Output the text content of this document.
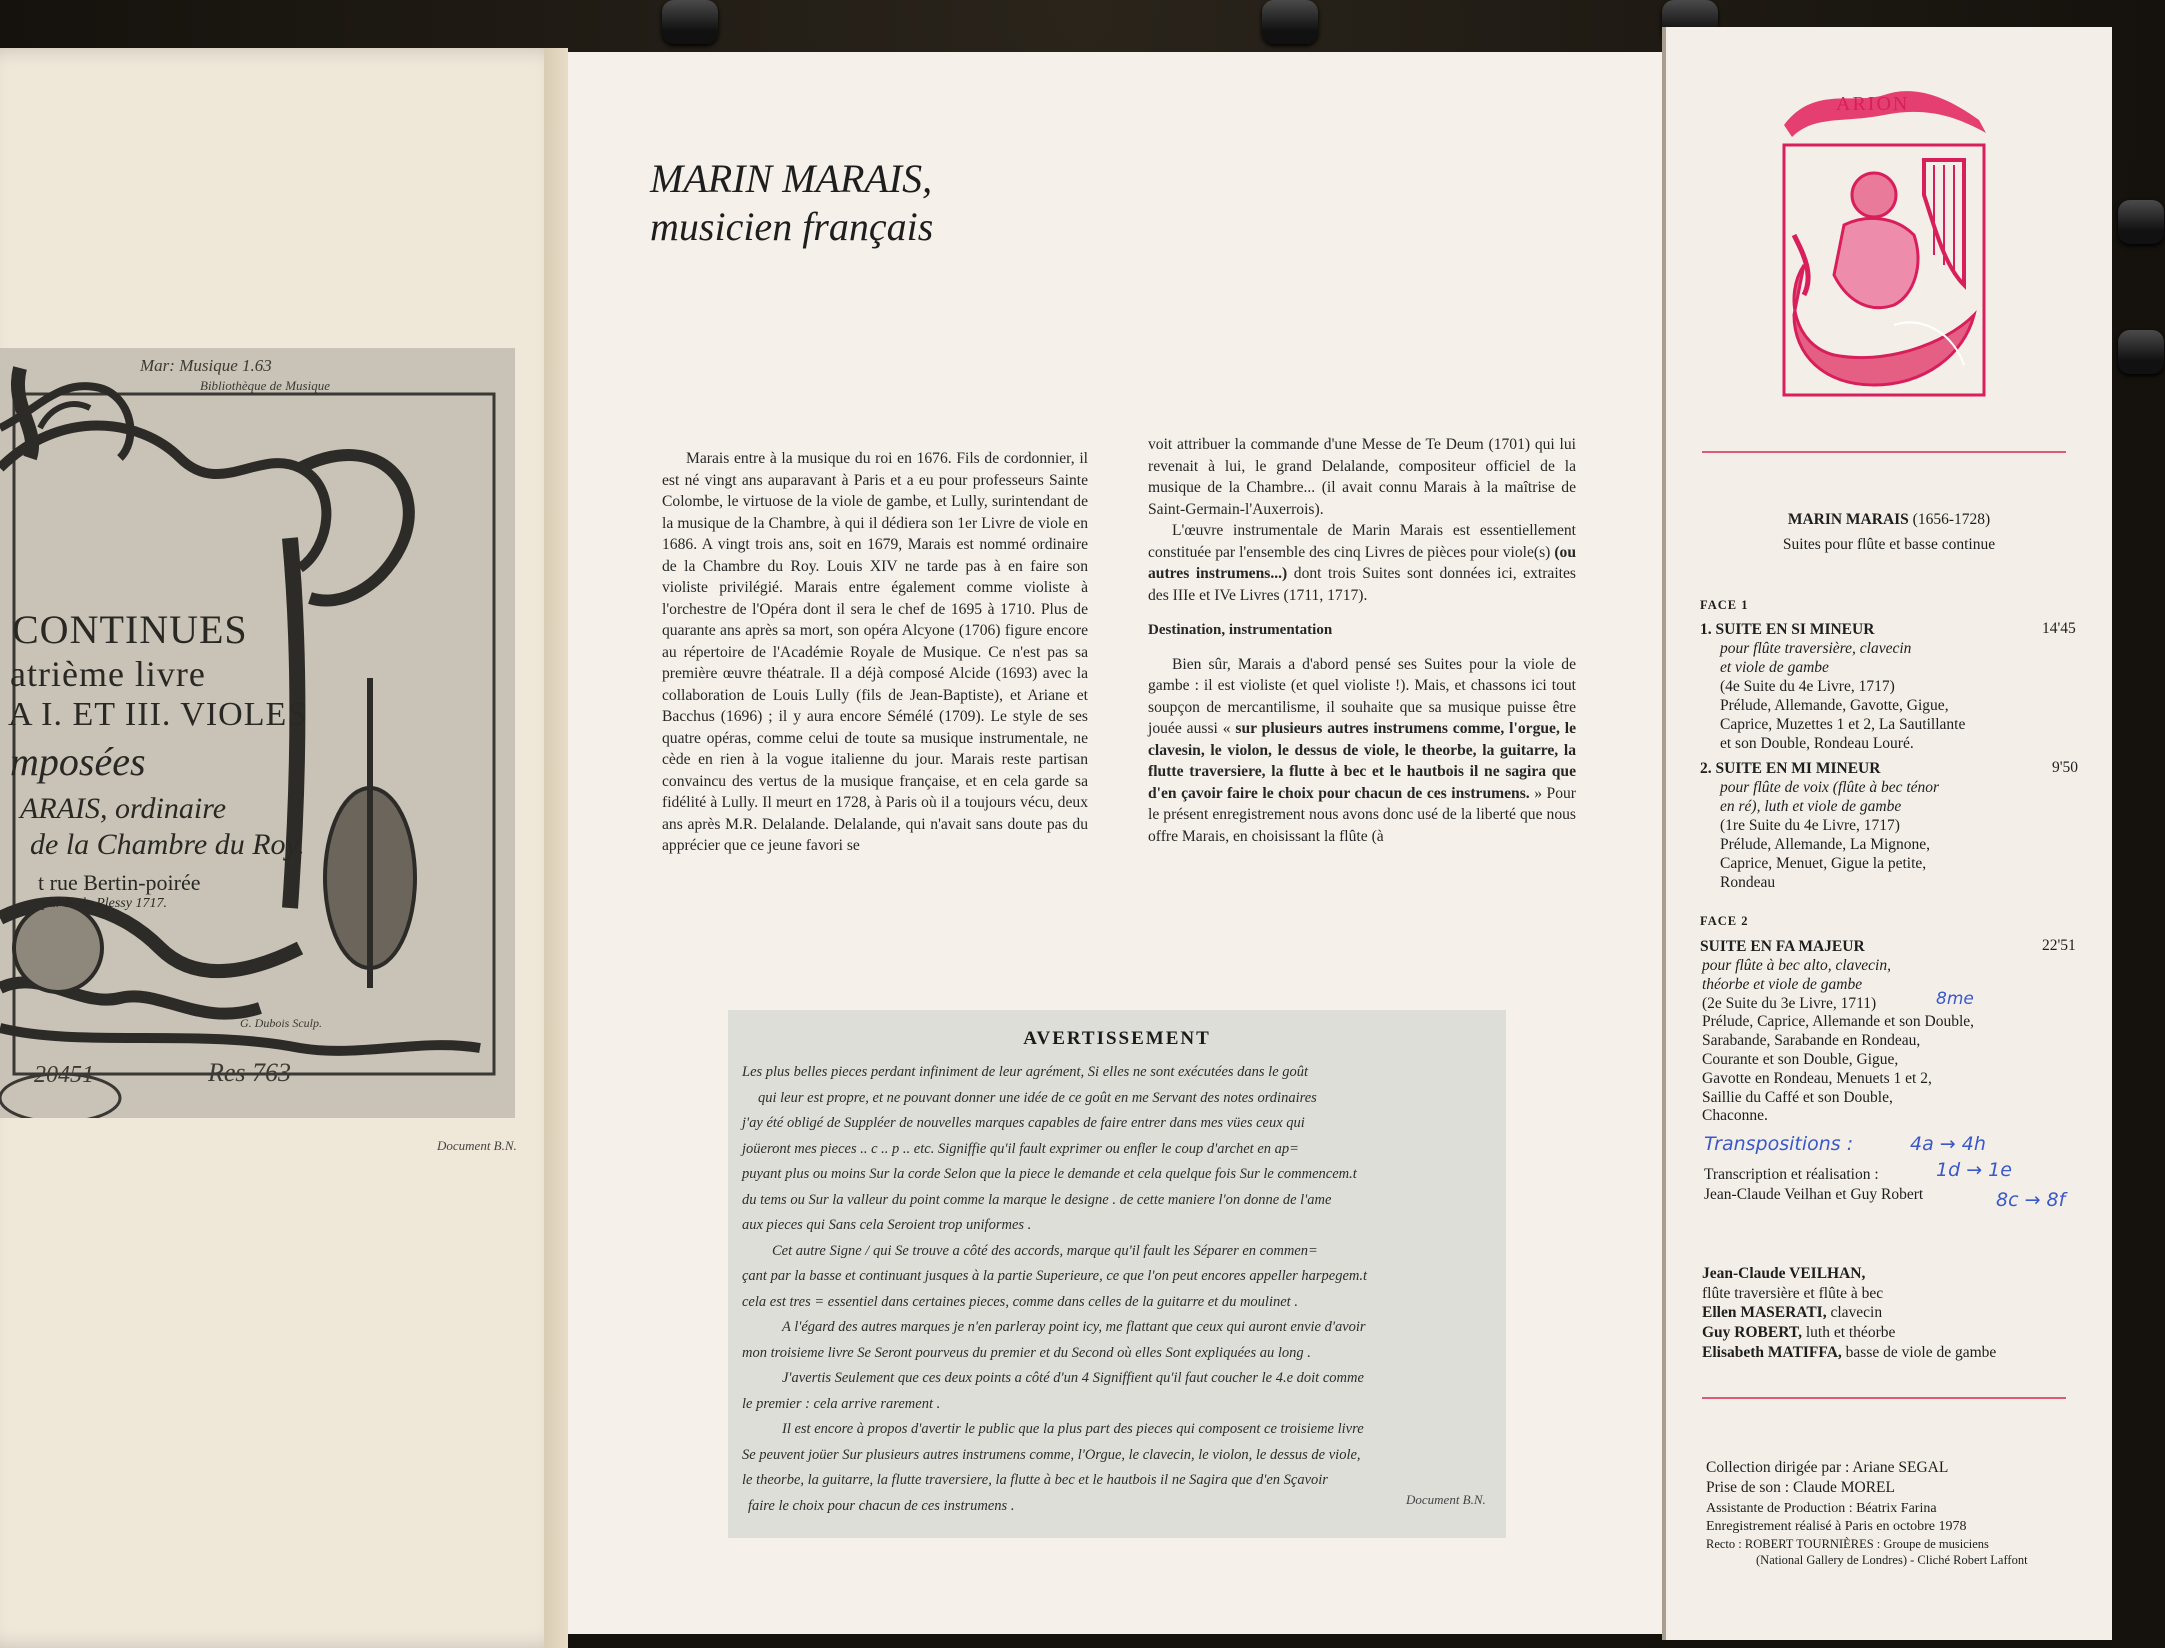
Mar: Musique 1.63
Bibliothèque de Musique
CONTINUES
atrième livre
A I. ET III. VIOLES
mposées
ARAIS, ordinaire
de la Chambre du Roy.
t rue Bertin-poirée
par F. du Plessy 1717.
G. Dubois Sculp.
20451	Res 763
Document B.N.
MARIN MARAIS,
musicien français

Marais entre à la musique du roi en 1676. Fils de cordonnier, il est né vingt ans auparavant à Paris et a eu pour professeurs Sainte Colombe, le virtuose de la viole de gambe, et Lully, surintendant de la musique de la Chambre, à qui il dédiera son 1er Livre de viole en 1686. A vingt trois ans, soit en 1679, Marais est nommé ordinaire de la Chambre du Roy. Louis XIV ne tarde pas à en faire son violiste privilégié. Marais entre également comme violiste à l'orchestre de l'Opéra dont il sera le chef de 1695 à 1710. Plus de quarante ans après sa mort, son opéra Alcyone (1706) figure encore au répertoire de l'Académie Royale de Musique. Ce n'est pas sa première œuvre théatrale. Il a déjà composé Alcide (1693) avec la collaboration de Louis Lully (fils de Jean-Baptiste), et Ariane et Bacchus (1696) ; il y aura encore Sémélé (1709). Le style de ses quatre opéras, comme celui de toute sa musique instrumentale, ne cède en rien à la vogue italienne du jour. Marais reste partisan convaincu des vertus de la musique française, et en cela garde sa fidélité à Lully. Il meurt en 1728, à Paris où il a toujours vécu, deux ans après M.R. Delalande. Delalande, qui n'avait sans doute pas du apprécier que ce jeune favori se

voit attribuer la commande d'une Messe de Te Deum (1701) qui lui revenait à lui, le grand Delalande, compositeur officiel de la musique de la Chambre... (il avait connu Marais à la maîtrise de Saint-Germain-l'Auxerrois).

L'œuvre instrumentale de Marin Marais est essentiellement constituée par l'ensemble des cinq Livres de pièces pour viole(s) (ou autres instrumens...) dont trois Suites sont données ici, extraites des IIIe et IVe Livres (1711, 1717).

Destination, instrumentation

Bien sûr, Marais a d'abord pensé ses Suites pour la viole de gambe : il est violiste (et quel violiste !). Mais, et chassons ici tout soupçon de mercantilisme, il souhaite que sa musique puisse être jouée aussi « sur plusieurs autres instrumens comme, l'orgue, le clavesin, le violon, le dessus de viole, le theorbe, la guitarre, la flutte traversiere, la flutte à bec et le hautbois il ne sagira que d'en çavoir faire le choix pour chacun de ces instrumens. » Pour le présent enregistrement nous avons donc usé de la liberté que nous offre Marais, en choisissant la flûte (à

AVERTISSEMENT
Les plus belles pieces perdant infiniment de leur agrément, Si elles ne sont exécutées dans le goût
qui leur est propre, et ne pouvant donner une idée de ce goût en me Servant des notes ordinaires
j'ay été obligé de Suppléer de nouvelles marques capables de faire entrer dans mes vües ceux qui
joüeront mes pieces .. c .. p .. etc. Signiffie qu'il fault exprimer ou enfler le coup d'archet en ap=
puyant plus ou moins Sur la corde Selon que la piece le demande et cela quelque fois Sur le commencem.t
du tems ou Sur la valleur du point comme la marque le designe . de cette maniere l'on donne de l'ame
aux pieces qui Sans cela Seroient trop uniformes .
Cet autre Signe / qui Se trouve a côté des accords, marque qu'il fault les Séparer en commen=
çant par la basse et continuant jusques à la partie Superieure, ce que l'on peut encores appeller harpegem.t
cela est tres = essentiel dans certaines pieces, comme dans celles de la guitarre et du moulinet .
A l'égard des autres marques je n'en parleray point icy, me flattant que ceux qui auront envie d'avoir
mon troisieme livre Se Seront pourveus du premier et du Second où elles Sont expliquées au long .
J'avertis Seulement que ces deux points a côté d'un 4 Signiffient qu'il faut coucher le 4.e doit comme
le premier : cela arrive rarement .
Il est encore à propos d'avertir le public que la plus part des pieces qui composent ce troisieme livre
Se peuvent joüer Sur plusieurs autres instrumens comme, l'Orgue, le clavecin, le violon, le dessus de viole,
le theorbe, la guitarre, la flutte traversiere, la flutte à bec et le hautbois il ne Sagira que d'en Sçavoir
faire le choix pour chacun de ces instrumens .	Document B.N.
ARION
MARIN MARAIS (1656-1728)
Suites pour flûte et basse continue
FACE 1
1. SUITE EN SI MINEUR	14'45
pour flûte traversière, clavecin
et viole de gambe
(4e Suite du 4e Livre, 1717)
Prélude, Allemande, Gavotte, Gigue,
Caprice, Muzettes 1 et 2, La Sautillante
et son Double, Rondeau Louré.
2. SUITE EN MI MINEUR	9'50
pour flûte de voix (flûte à bec ténor
en ré), luth et viole de gambe
(1re Suite du 4e Livre, 1717)
Prélude, Allemande, La Mignone,
Caprice, Menuet, Gigue la petite,
Rondeau
FACE 2
SUITE EN FA MAJEUR	22'51
pour flûte à bec alto, clavecin,
théorbe et viole de gambe
(2e Suite du 3e Livre, 1711)
Prélude, Caprice, Allemande et son Double,
Sarabande, Sarabande en Rondeau,
Courante et son Double, Gigue,
Gavotte en Rondeau, Menuets 1 et 2,
Saillie du Caffé et son Double,
Chaconne.
8me
Transpositions :	4a → 4h
1d → 1e
8c → 8f
Transcription et réalisation :
Jean-Claude Veilhan et Guy Robert
Jean-Claude VEILHAN,
flûte traversière et flûte à bec
Ellen MASERATI, clavecin
Guy ROBERT, luth et théorbe
Elisabeth MATIFFA, basse de viole de gambe
Collection dirigée par : Ariane SEGAL
Prise de son : Claude MOREL
Assistante de Production : Béatrix Farina
Enregistrement réalisé à Paris en octobre 1978
Recto : ROBERT TOURNIÈRES : Groupe de musiciens
(National Gallery de Londres) - Cliché Robert Laffont
